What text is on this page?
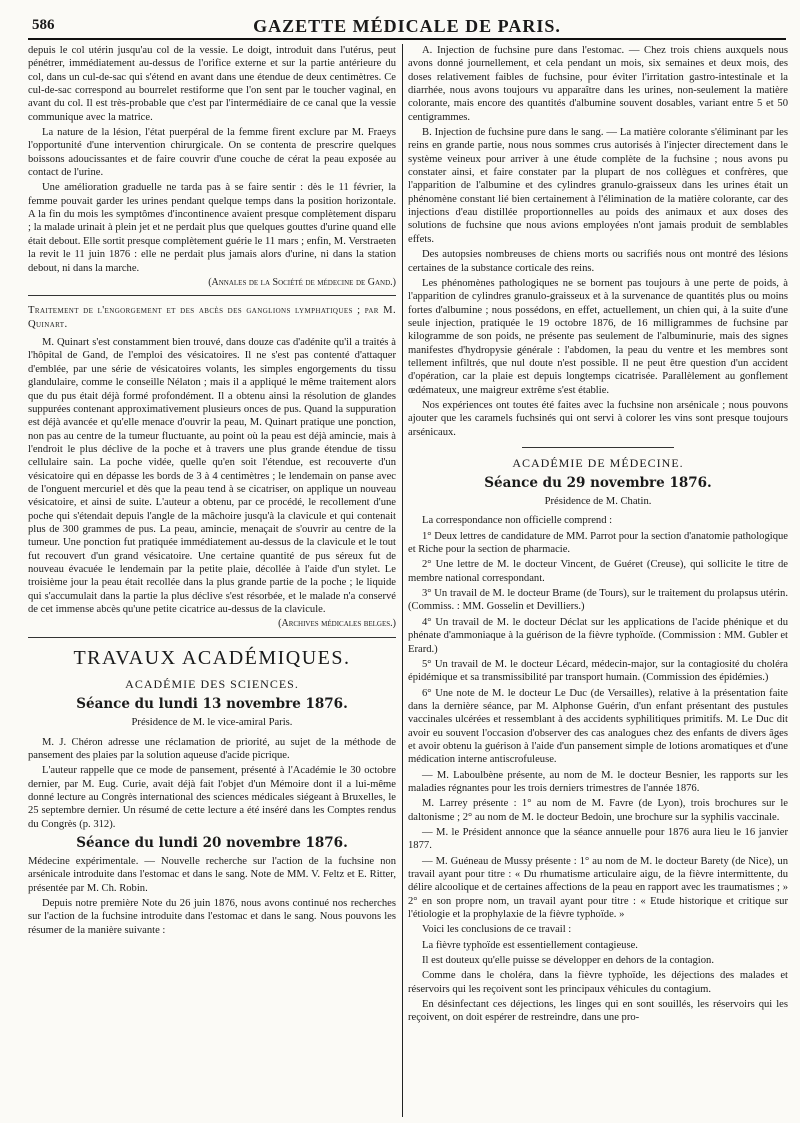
586	GAZETTE MÉDICALE DE PARIS.

depuis le col utérin jusqu'au col de la vessie. Le doigt, introduit dans l'utérus, peut pénétrer, immédiatement au-dessus de l'orifice externe et sur la partie antérieure du col, dans un cul-de-sac qui s'étend en avant dans une étendue de deux centimètres. Ce cul-de-sac correspond au bourrelet restiforme que l'on sent par le toucher vaginal, en avant du col. Il est très-probable que c'est par l'intermédiaire de ce canal que la vessie communique avec la matrice.

La nature de la lésion, l'état puerpéral de la femme firent exclure par M. Fraeys l'opportunité d'une intervention chirurgicale. On se contenta de prescrire quelques boissons adoucissantes et de faire couvrir d'une couche de cérat la peau exposée au contact de l'urine.

Une amélioration graduelle ne tarda pas à se faire sentir : dès le 11 février, la femme pouvait garder les urines pendant quelque temps dans la position horizontale. A la fin du mois les symptômes d'incontinence avaient presque complètement disparu ; la malade urinait à plein jet et ne perdait plus que quelques gouttes d'urine quand elle était debout. Elle sortit presque complètement guérie le 11 mars ; enfin, M. Verstraeten la revit le 11 juin 1876 : elle ne perdait plus jamais alors d'urine, ni dans la station debout, ni dans la marche.

(Annales de la Société de médecine de Gand.)

Traitement de l'engorgement et des abcès des ganglions lymphatiques ; par M. Quinart.

M. Quinart s'est constamment bien trouvé, dans douze cas d'adénite qu'il a traités à l'hôpital de Gand, de l'emploi des vésicatoires. Il ne s'est pas contenté d'attaquer d'emblée, par une série de vésicatoires volants, les simples engorgements du tissu glandulaire, comme le conseille Nélaton ; mais il a appliqué le même traitement alors que du pus était déjà formé profondément. Il a obtenu ainsi la résolution de glandes suppurées contenant approximativement plusieurs onces de pus. Quand la suppuration est déjà avancée et qu'elle menace d'ouvrir la peau, M. Quinart pratique une ponction, non pas au centre de la tumeur fluctuante, au point où la peau est déjà amincie, mais à l'endroit le plus déclive de la poche et à travers une plus grande étendue de tissu cellulaire sain. La poche vidée, quelle qu'en soit l'étendue, est recouverte d'un vésicatoire qui en dépasse les bords de 3 à 4 centimètres ; le lendemain on panse avec de l'onguent mercuriel et dès que la peau tend à se cicatriser, on applique un nouveau vésicatoire, et ainsi de suite. L'auteur a obtenu, par ce procédé, le recollement d'une poche qui s'étendait depuis l'angle de la mâchoire jusqu'à la clavicule et qui contenait plus de 300 grammes de pus. La peau, amincie, menaçait de s'ouvrir au centre de la tumeur. Une ponction fut pratiquée immédiatement au-dessus de la clavicule et le tout fut recouvert d'un grand vésicatoire. Une certaine quantité de pus séreux fut de nouveau évacuée le lendemain par la petite plaie, décollée à l'aide d'un stylet. Le troisième jour la peau était recollée dans la plus grande partie de la poche ; le liquide qui s'accumulait dans la partie la plus déclive s'est résorbée, et le malade n'a conservé de cet immense abcès qu'une petite cicatrice au-dessus de la clavicule.

(Archives médicales belges.)

TRAVAUX ACADÉMIQUES.

ACADÉMIE DES SCIENCES.

Séance du lundi 13 novembre 1876.

Présidence de M. le vice-amiral Paris.

M. J. Chéron adresse une réclamation de priorité, au sujet de la méthode de pansement des plaies par la solution aqueuse d'acide picrique.

L'auteur rappelle que ce mode de pansement, présenté à l'Académie le 30 octobre dernier, par M. Eug. Curie, avait déjà fait l'objet d'un Mémoire dont il a lui-même donné lecture au Congrès international des sciences médicales siégeant à Bruxelles, le 25 septembre dernier. Un résumé de cette lecture a été inséré dans les Comptes rendus du Congrès (p. 312).

Séance du lundi 20 novembre 1876.

Médecine expérimentale. — Nouvelle recherche sur l'action de la fuchsine non arsénicale introduite dans l'estomac et dans le sang. Note de MM. V. Feltz et E. Ritter, présentée par M. Ch. Robin.

Depuis notre première Note du 26 juin 1876, nous avons continué nos recherches sur l'action de la fuchsine introduite dans l'estomac et dans le sang. Nous pouvons les résumer de la manière suivante :

A. Injection de fuchsine pure dans l'estomac. — Chez trois chiens auxquels nous avons donné journellement, et cela pendant un mois, six semaines et deux mois, des doses relativement faibles de fuchsine, pour éviter l'irritation gastro-intestinale et la diarrhée, nous avons toujours vu apparaître dans les urines, non-seulement la matière colorante, mais encore des quantités d'albumine souvent dosables, variant entre 5 et 50 centigrammes.

B. Injection de fuchsine pure dans le sang. — La matière colorante s'éliminant par les reins en grande partie, nous nous sommes crus autorisés à l'injecter directement dans le système veineux pour arriver à une étude complète de la fuchsine ; nous avons pu constater ainsi, et faire constater par la plupart de nos collègues et confrères, que l'apparition de l'albumine et des cylindres granulo-graisseux dans les urines était un phénomène constant lié bien certainement à l'élimination de la matière colorante, car des injections d'eau distillée proportionnelles au poids des animaux et aux doses des solutions de fuchsine que nous avions employées n'ont jamais produit de semblables effets.

Des autopsies nombreuses de chiens morts ou sacrifiés nous ont montré des lésions certaines de la substance corticale des reins.

Les phénomènes pathologiques ne se bornent pas toujours à une perte de poids, à l'apparition de cylindres granulo-graisseux et à la survenance de quantités plus ou moins fortes d'albumine ; nous possédons, en effet, actuellement, un chien qui, à la suite d'une seule injection, pratiquée le 19 octobre 1876, de 16 milligrammes de fuchsine par kilogramme de son poids, ne présente pas seulement de l'albuminurie, mais des signes manifestes d'hydropysie générale : l'abdomen, la peau du ventre et les membres sont tellement infiltrés, que nul doute n'est possible. Il ne peut être question d'un accident d'opération, car la plaie est depuis longtemps cicatrisée. Parallèlement au gonflement œdémateux, une maigreur extrême s'est établie.

Nos expériences ont toutes été faites avec la fuchsine non arsénicale ; nous pouvons ajouter que les caramels fuchsinés qui ont servi à colorer les vins sont presque toujours arsénicaux.

ACADÉMIE DE MÉDECINE.

Séance du 29 novembre 1876.

Présidence de M. Chatin.

La correspondance non officielle comprend :

1° Deux lettres de candidature de MM. Parrot pour la section d'anatomie pathologique et Riche pour la section de pharmacie.

2° Une lettre de M. le docteur Vincent, de Guéret (Creuse), qui sollicite le titre de membre national correspondant.

3° Un travail de M. le docteur Brame (de Tours), sur le traitement du prolapsus utérin. (Commiss. : MM. Gosselin et Devilliers.)

4° Un travail de M. le docteur Déclat sur les applications de l'acide phénique et du phénate d'ammoniaque à la guérison de la fièvre typhoïde. (Commission : MM. Gubler et Erard.)

5° Un travail de M. le docteur Lécard, médecin-major, sur la contagiosité du choléra épidémique et sa transmissibilité par transport humain. (Commission des épidémies.)

6° Une note de M. le docteur Le Duc (de Versailles), relative à la présentation faite dans la dernière séance, par M. Alphonse Guérin, d'un enfant présentant des pustules vaccinales ulcérées et ressemblant à des accidents syphilitiques primitifs. M. Le Duc dit avoir eu souvent l'occasion d'observer des cas analogues chez des enfants de divers âges et avoir obtenu la guérison à l'aide d'un pansement simple de lotions aromatiques et d'une médication interne antiscrofuleuse.

— M. Laboulbène présente, au nom de M. le docteur Besnier, les rapports sur les maladies régnantes pour les trois derniers trimestres de l'année 1876.

M. Larrey présente : 1° au nom de M. Favre (de Lyon), trois brochures sur le daltonisme ; 2° au nom de M. le docteur Bedoin, une brochure sur la syphilis vaccinale.

— M. le Président annonce que la séance annuelle pour 1876 aura lieu le 16 janvier 1877.

— M. Guéneau de Mussy présente : 1° au nom de M. le docteur Barety (de Nice), un travail ayant pour titre : « Du rhumatisme articulaire aigu, de la fièvre intermittente, du délire alcoolique et de certaines affections de la peau en rapport avec les traumatismes ; » 2° en son propre nom, un travail ayant pour titre : « Etude historique et critique sur l'étiologie et la prophylaxie de la fièvre typhoïde. »

Voici les conclusions de ce travail :

La fièvre typhoïde est essentiellement contagieuse.

Il est douteux qu'elle puisse se développer en dehors de la contagion.

Comme dans le choléra, dans la fièvre typhoïde, les déjections des malades et réservoirs qui les reçoivent sont les principaux véhicules du contagium.

En désinfectant ces déjections, les linges qui en sont souillés, les réservoirs qui les reçoivent, on doit espérer de restreindre, dans une pro-
